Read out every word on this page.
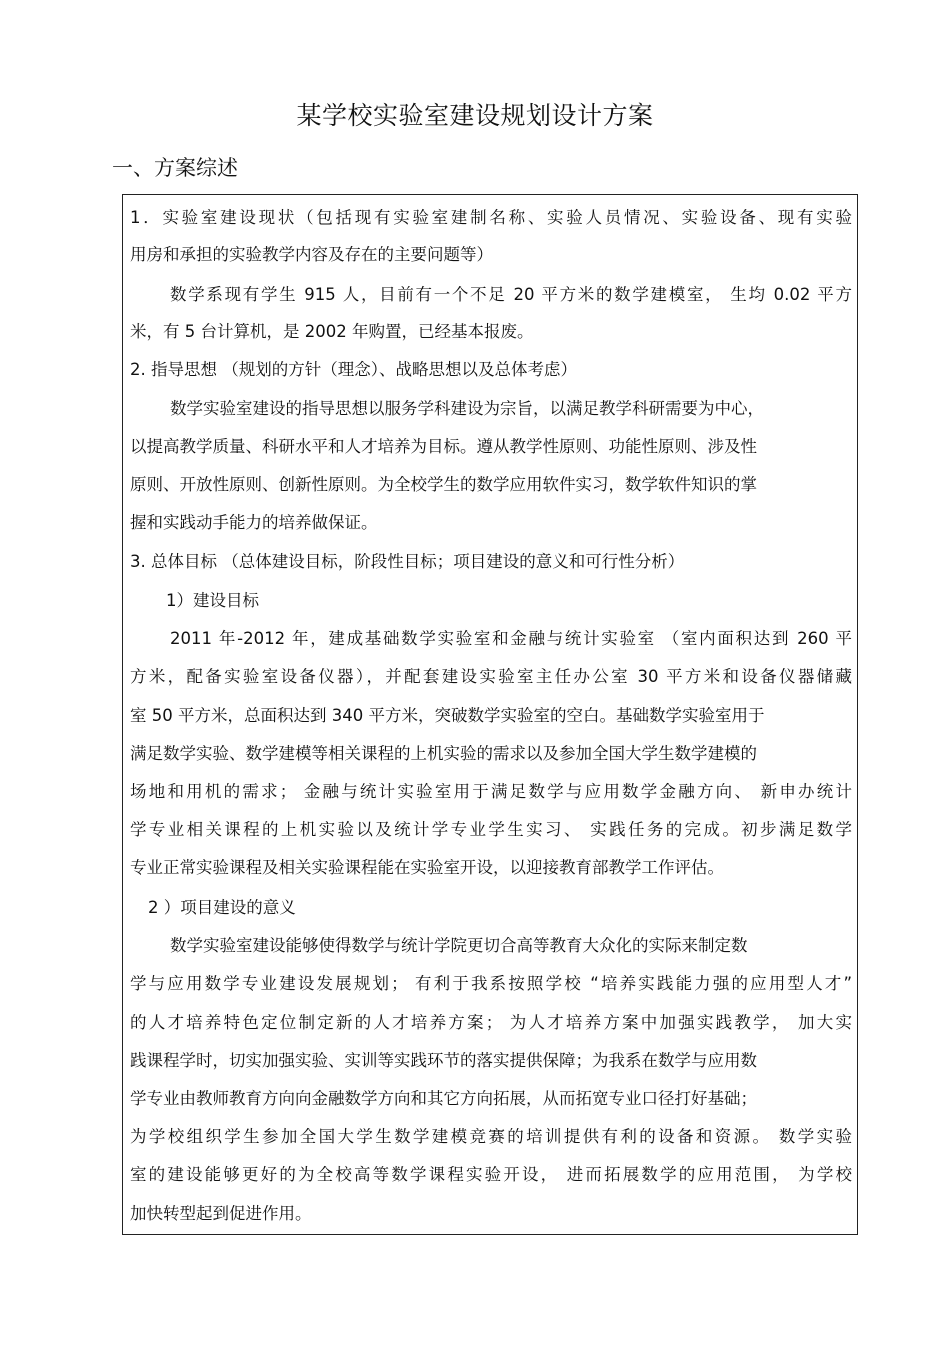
某学校实验室建设规划设计方案
一、方案综述
1．实验室建设现状（包括现有实验室建制名称、实验人员情况、实验设备、现有实验
用房和承担的实验教学内容及存在的主要问题等）
数学系现有学生 915 人，目前有一个不足 20 平方米的数学建模室， 生均 0.02 平方
米，有 5 台计算机，是 2002 年购置，已经基本报废。
2. 指导思想 （规划的方针（理念）、战略思想以及总体考虑）
数学实验室建设的指导思想以服务学科建设为宗旨，以满足教学科研需要为中心，
以提高教学质量、科研水平和人才培养为目标。遵从教学性原则、功能性原则、涉及性
原则、开放性原则、创新性原则。为全校学生的数学应用软件实习，数学软件知识的掌
握和实践动手能力的培养做保证。
3. 总体目标 （总体建设目标，阶段性目标；项目建设的意义和可行性分析）
1）建设目标
2011 年-2012 年，建成基础数学实验室和金融与统计实验室 （室内面积达到 260 平
方米，配备实验室设备仪器），并配套建设实验室主任办公室 30 平方米和设备仪器储藏
室 50 平方米，总面积达到 340 平方米，突破数学实验室的空白。基础数学实验室用于
满足数学实验、数学建模等相关课程的上机实验的需求以及参加全国大学生数学建模的
场地和用机的需求； 金融与统计实验室用于满足数学与应用数学金融方向、 新申办统计
学专业相关课程的上机实验以及统计学专业学生实习、 实践任务的完成。初步满足数学
专业正常实验课程及相关实验课程能在实验室开设，以迎接教育部教学工作评估。
2 ）项目建设的意义
数学实验室建设能够使得数学与统计学院更切合高等教育大众化的实际来制定数
学与应用数学专业建设发展规划； 有利于我系按照学校 “培养实践能力强的应用型人才”
的人才培养特色定位制定新的人才培养方案； 为人才培养方案中加强实践教学， 加大实
践课程学时，切实加强实验、实训等实践环节的落实提供保障；为我系在数学与应用数
学专业由教师教育方向向金融数学方向和其它方向拓展，从而拓宽专业口径打好基础；
为学校组织学生参加全国大学生数学建模竞赛的培训提供有利的设备和资源。 数学实验
室的建设能够更好的为全校高等数学课程实验开设， 进而拓展数学的应用范围， 为学校
加快转型起到促进作用。
